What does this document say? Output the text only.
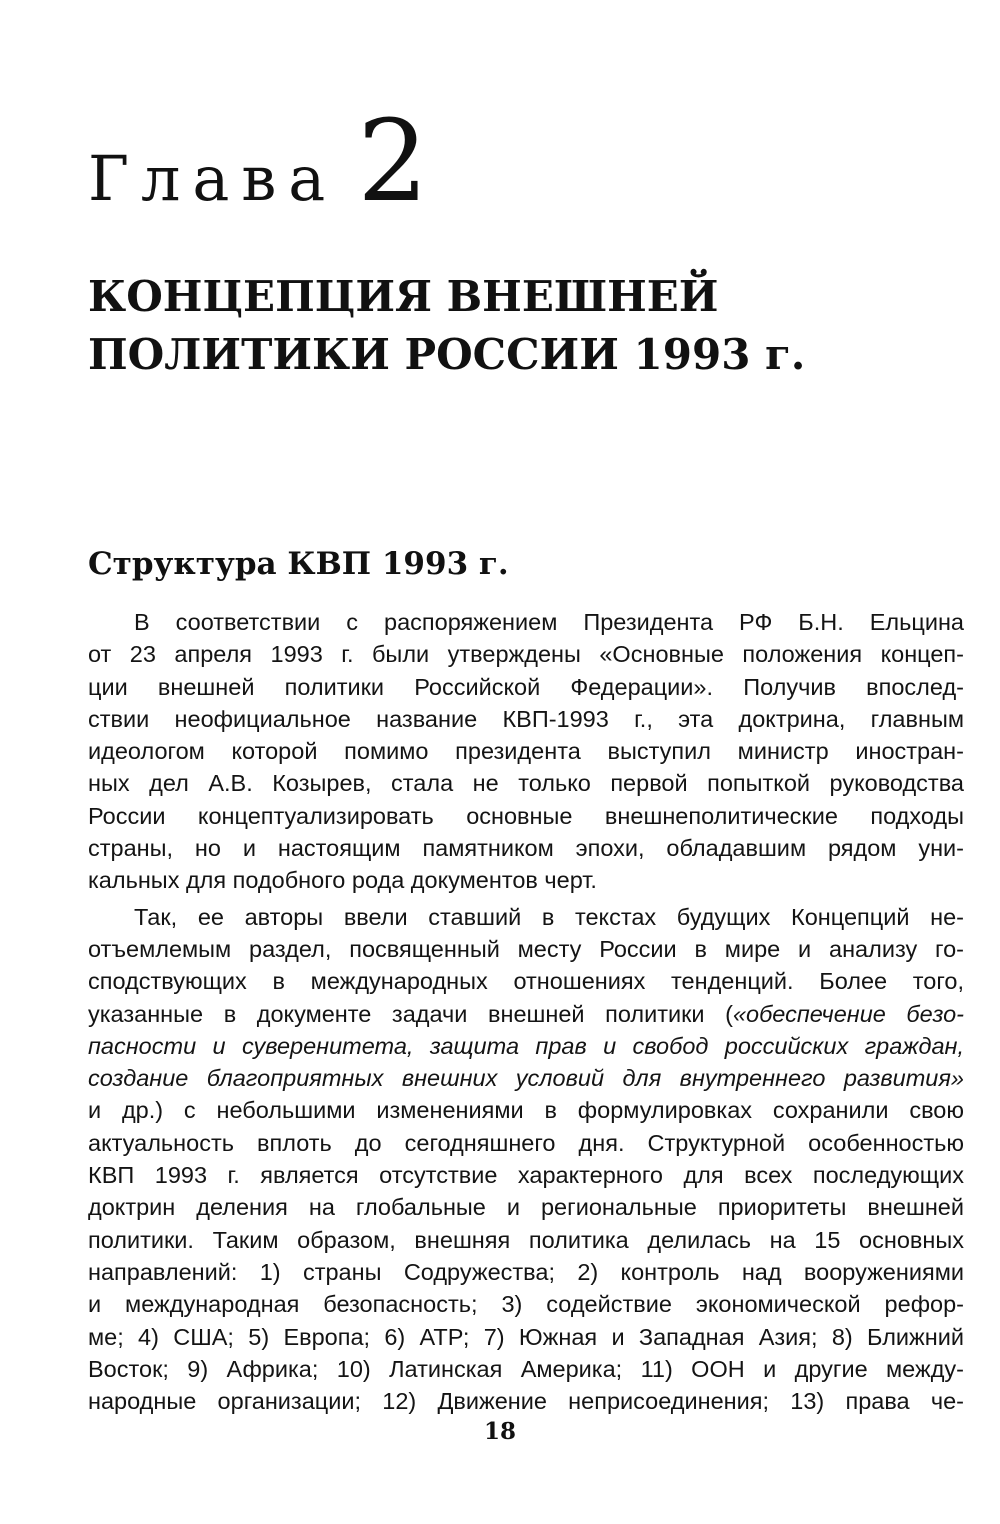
Глава 2
КОНЦЕПЦИЯ ВНЕШНЕЙ
ПОЛИТИКИ РОССИИ 1993 г.
Структура КВП 1993 г.
В соответствии с распоряжением Президента РФ Б.Н. Ельцина
от 23 апреля 1993 г. были утверждены «Основные положения концеп-
ции внешней политики Российской Федерации». Получив впослед-
ствии неофициальное название КВП-1993 г., эта доктрина, главным
идеологом которой помимо президента выступил министр иностран-
ных дел А.В. Козырев, стала не только первой попыткой руководства
России концептуализировать основные внешнеполитические подходы
страны, но и настоящим памятником эпохи, обладавшим рядом уни-
кальных для подобного рода документов черт.
Так, ее авторы ввели ставший в текстах будущих Концепций не-
отъемлемым раздел, посвященный месту России в мире и анализу го-
сподствующих в международных отношениях тенденций. Более того,
указанные в документе задачи внешней политики («обеспечение безо-
пасности и суверенитета, защита прав и свобод российских граждан,
создание благоприятных внешних условий для внутреннего развития»
и др.) с небольшими изменениями в формулировках сохранили свою
актуальность вплоть до сегодняшнего дня. Структурной особенностью
КВП 1993 г. является отсутствие характерного для всех последующих
доктрин деления на глобальные и региональные приоритеты внешней
политики. Таким образом, внешняя политика делилась на 15 основных
направлений: 1) страны Содружества; 2) контроль над вооружениями
и международная безопасность; 3) содействие экономической рефор-
ме; 4) США; 5) Европа; 6) АТР; 7) Южная и Западная Азия; 8) Ближний
Восток; 9) Африка; 10) Латинская Америка; 11) ООН и другие между-
народные организации; 12) Движение неприсоединения; 13) права че-
18
